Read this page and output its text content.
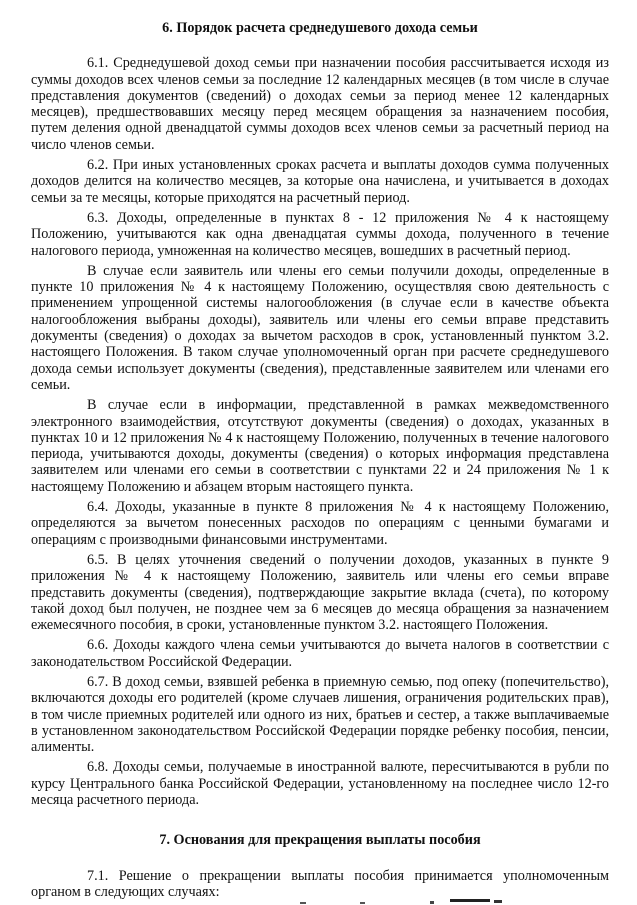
6. Порядок расчета среднедушевого дохода семьи

6.1. Среднедушевой доход семьи при назначении пособия рассчитывается исходя из суммы доходов всех членов семьи за последние 12 календарных месяцев (в том числе в случае представления документов (сведений) о доходах семьи за период менее 12 календарных месяцев), предшествовавших месяцу перед месяцем обращения за назначением пособия, путем деления одной двенадцатой суммы доходов всех членов семьи за расчетный период на число членов семьи.

6.2. При иных установленных сроках расчета и выплаты доходов сумма полученных доходов делится на количество месяцев, за которые она начислена, и учитывается в доходах семьи за те месяцы, которые приходятся на расчетный период.

6.3. Доходы, определенные в пунктах 8 - 12 приложения № 4 к настоящему Положению, учитываются как одна двенадцатая суммы дохода, полученного в течение налогового периода, умноженная на количество месяцев, вошедших в расчетный период.

В случае если заявитель или члены его семьи получили доходы, определенные в пункте 10 приложения № 4 к настоящему Положению, осуществляя свою деятельность с применением упрощенной системы налогообложения (в случае если в качестве объекта налогообложения выбраны доходы), заявитель или члены его семьи вправе представить документы (сведения) о доходах за вычетом расходов в срок, установленный пунктом 3.2. настоящего Положения. В таком случае уполномоченный орган при расчете среднедушевого дохода семьи использует документы (сведения), представленные заявителем или членами его семьи.

В случае если в информации, представленной в рамках межведомственного электронного взаимодействия, отсутствуют документы (сведения) о доходах, указанных в пунктах 10 и 12 приложения № 4 к настоящему Положению, полученных в течение налогового периода, учитываются доходы, документы (сведения) о которых информация представлена заявителем или членами его семьи в соответствии с пунктами 22 и 24 приложения № 1 к настоящему Положению и абзацем вторым настоящего пункта.

6.4. Доходы, указанные в пункте 8 приложения № 4 к настоящему Положению, определяются за вычетом понесенных расходов по операциям с ценными бумагами и операциям с производными финансовыми инструментами.

6.5. В целях уточнения сведений о получении доходов, указанных в пункте 9 приложения № 4 к настоящему Положению, заявитель или члены его семьи вправе представить документы (сведения), подтверждающие закрытие вклада (счета), по которому такой доход был получен, не позднее чем за 6 месяцев до месяца обращения за назначением ежемесячного пособия, в сроки, установленные пунктом 3.2. настоящего Положения.

6.6. Доходы каждого члена семьи учитываются до вычета налогов в соответствии с законодательством Российской Федерации.

6.7. В доход семьи, взявшей ребенка в приемную семью, под опеку (попечительство), включаются доходы его родителей (кроме случаев лишения, ограничения родительских прав), в том числе приемных родителей или одного из них, братьев и сестер, а также выплачиваемые в установленном законодательством Российской Федерации порядке ребенку пособия, пенсии, алименты.

6.8. Доходы семьи, получаемые в иностранной валюте, пересчитываются в рубли по курсу Центрального банка Российской Федерации, установленному на последнее число 12-го месяца расчетного периода.

7. Основания для прекращения выплаты пособия

7.1. Решение о прекращении выплаты пособия принимается уполномоченным органом в следующих случаях:
